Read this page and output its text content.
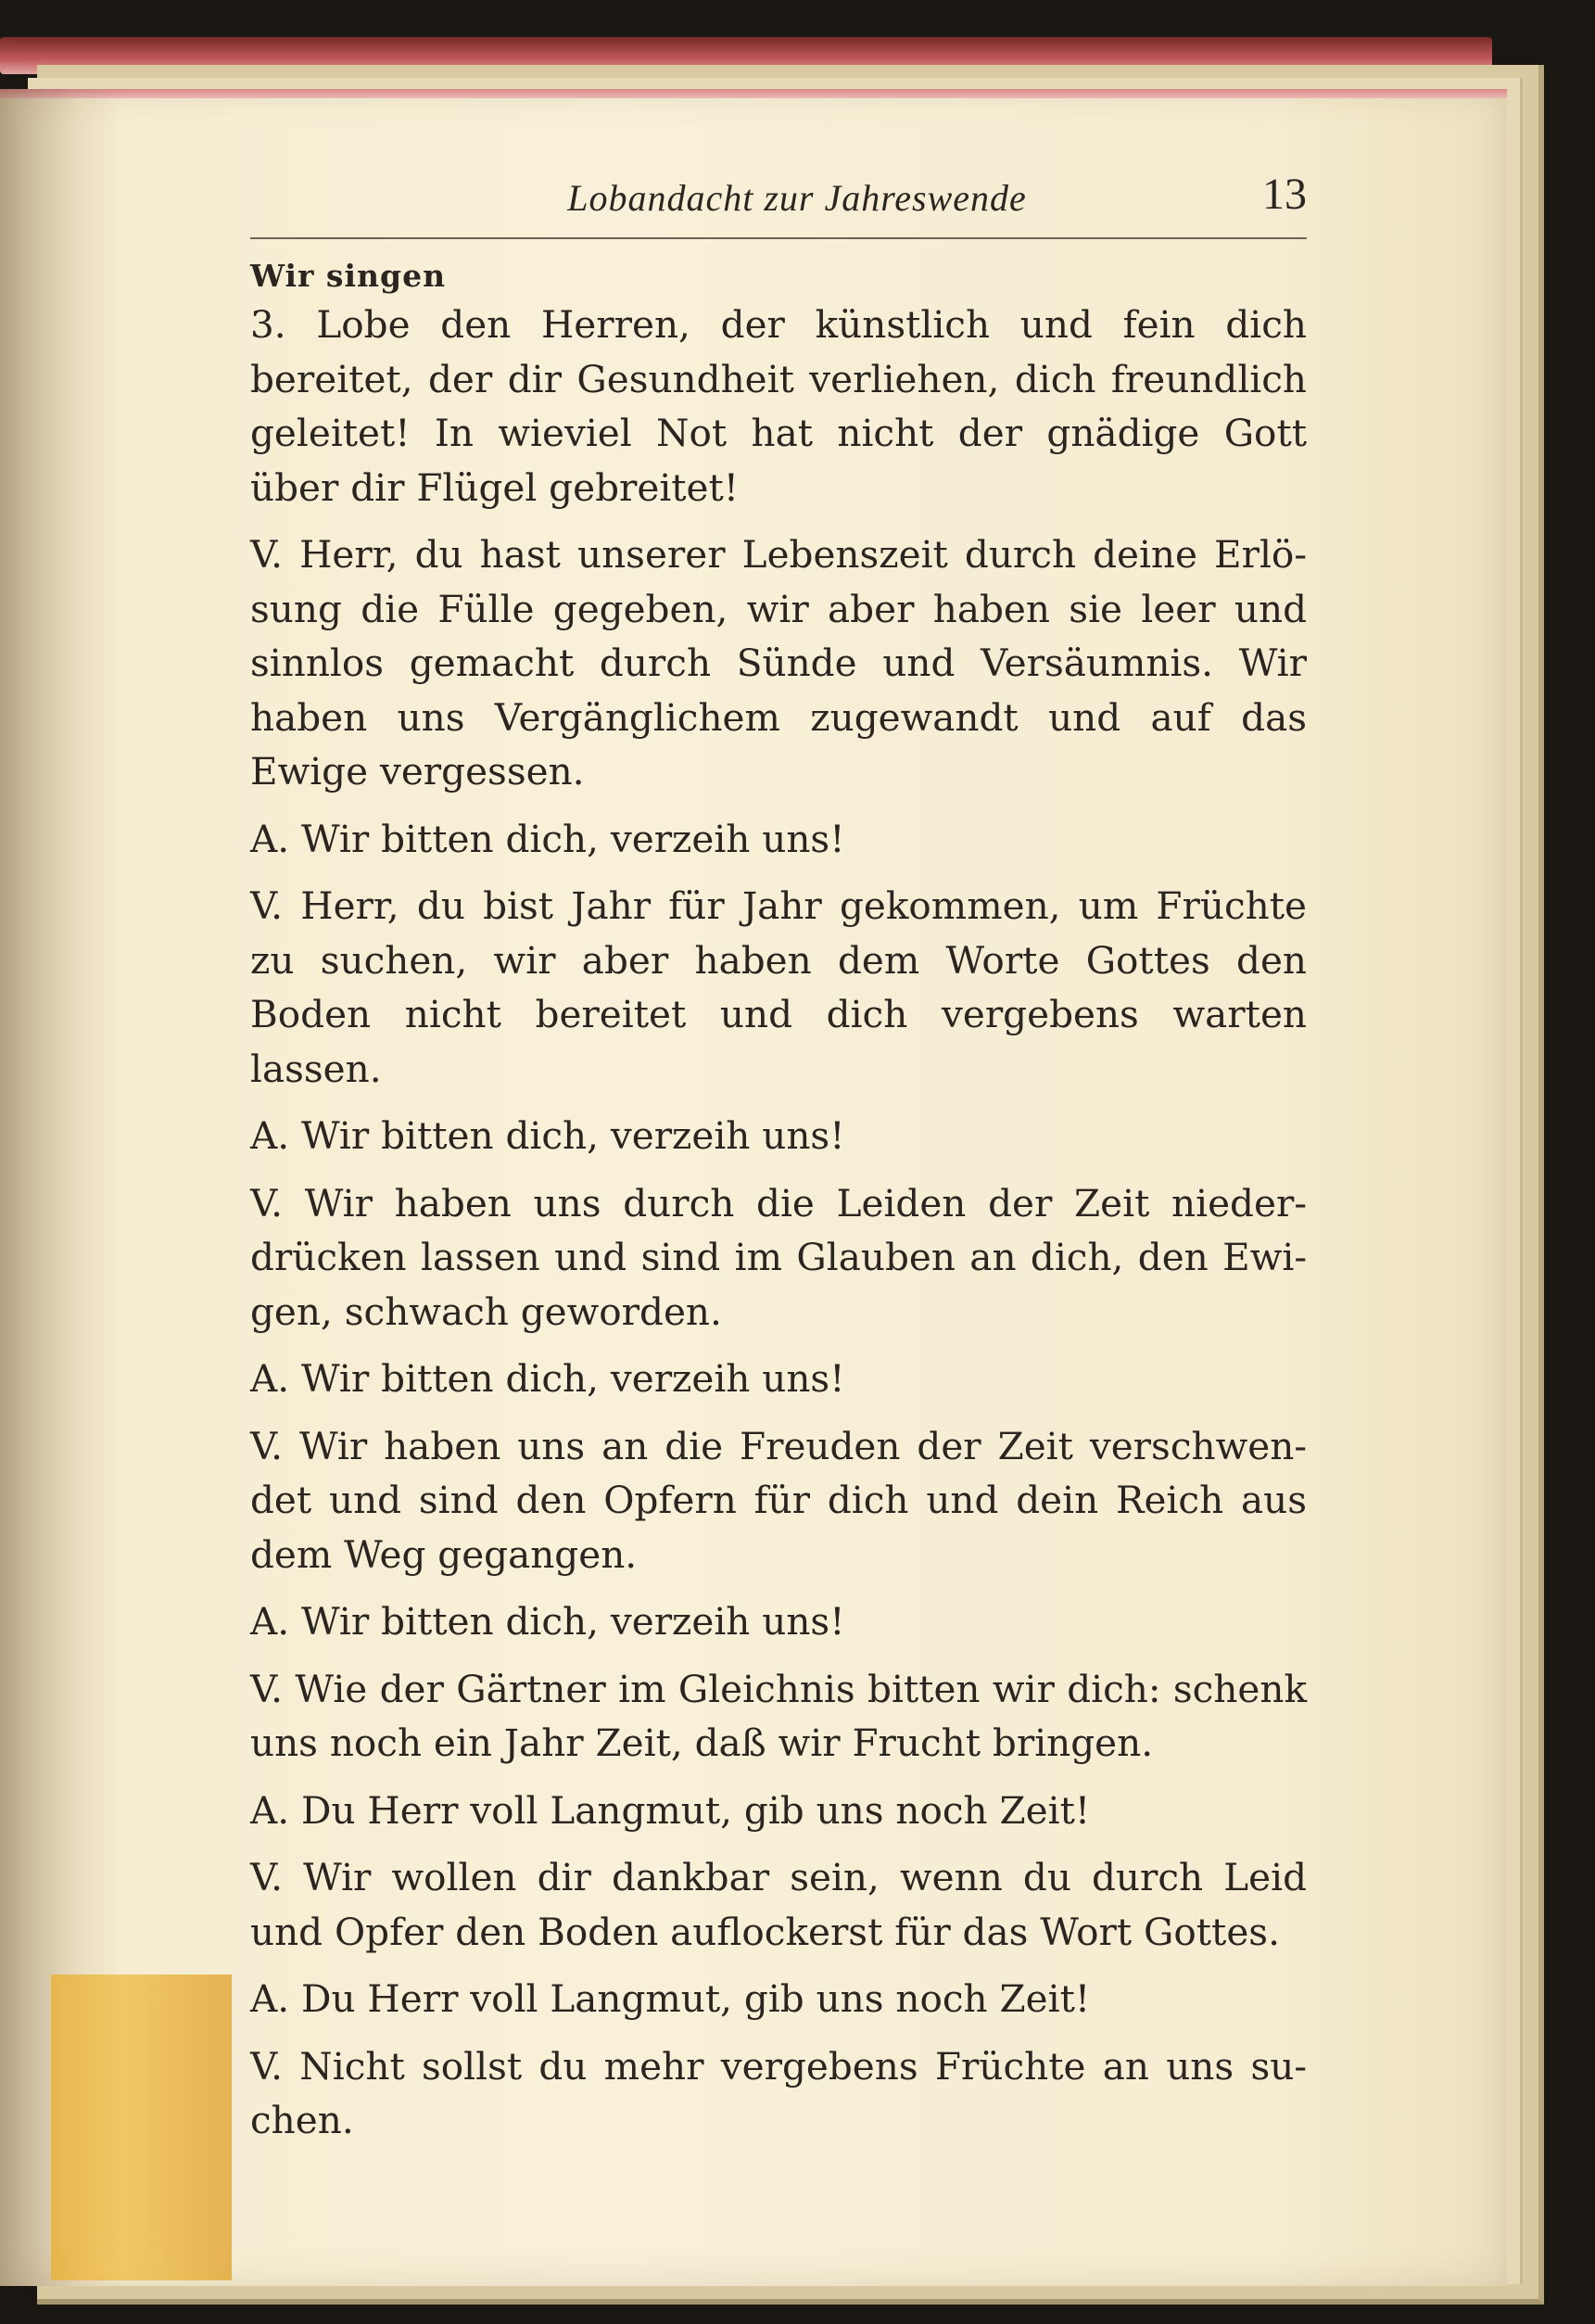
Lobandacht zur Jahreswende	13
Wir singen

3. Lobe den Herren, der künstlich und fein dich bereitet, der dir Gesundheit verliehen, dich freundlich geleitet! In wieviel Not hat nicht der gnädige Gott über dir Flügel gebreitet!

V. Herr, du hast unserer Lebenszeit durch deine Erlösung die Fülle gegeben, wir aber haben sie leer und sinnlos gemacht durch Sünde und Versäumnis. Wir haben uns Vergänglichem zugewandt und auf das Ewige vergessen.

A. Wir bitten dich, verzeih uns!

V. Herr, du bist Jahr für Jahr gekommen, um Früchte zu suchen, wir aber haben dem Worte Gottes den Boden nicht bereitet und dich vergebens warten lassen.

A. Wir bitten dich, verzeih uns!

V. Wir haben uns durch die Leiden der Zeit niederdrücken lassen und sind im Glauben an dich, den Ewigen, schwach geworden.

A. Wir bitten dich, verzeih uns!

V. Wir haben uns an die Freuden der Zeit verschwendet und sind den Opfern für dich und dein Reich aus dem Weg gegangen.

A. Wir bitten dich, verzeih uns!

V. Wie der Gärtner im Gleichnis bitten wir dich: schenk uns noch ein Jahr Zeit, daß wir Frucht bringen.

A. Du Herr voll Langmut, gib uns noch Zeit!

V. Wir wollen dir dankbar sein, wenn du durch Leid und Opfer den Boden auflockerst für das Wort Gottes.

A. Du Herr voll Langmut, gib uns noch Zeit!

V. Nicht sollst du mehr vergebens Früchte an uns suchen.
